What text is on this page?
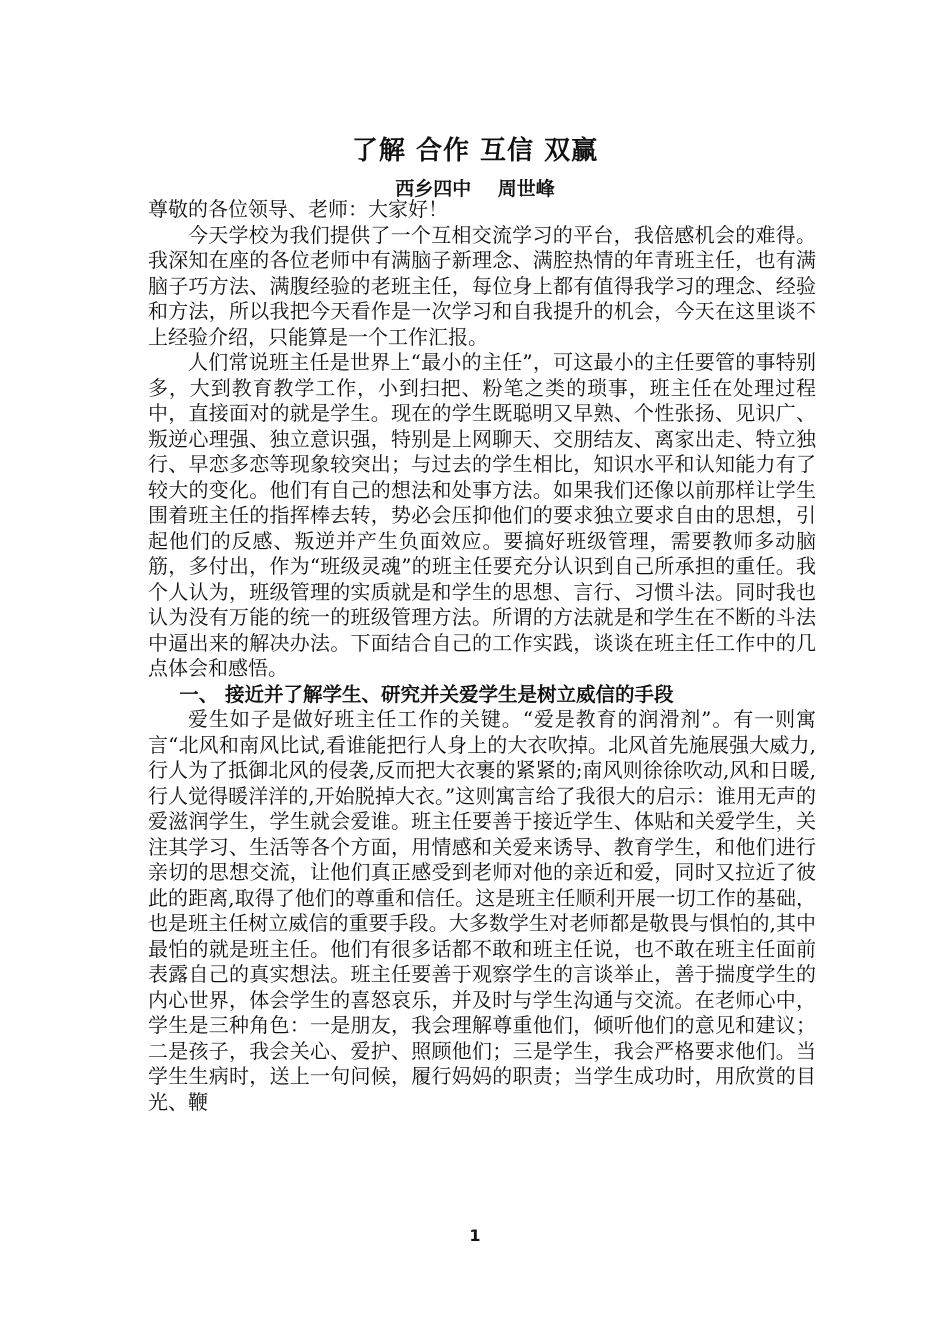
了解 合作 互信 双赢
西乡四中    周世峰

尊敬的各位领导、老师：大家好！

今天学校为我们提供了一个互相交流学习的平台，我倍感机会的难得。我深知在座的各位老师中有满脑子新理念、满腔热情的年青班主任，也有满脑子巧方法、满腹经验的老班主任，每位身上都有值得我学习的理念、经验和方法，所以我把今天看作是一次学习和自我提升的机会，今天在这里谈不上经验介绍，只能算是一个工作汇报。

人们常说班主任是世界上“最小的主任”，可这最小的主任要管的事特别多，大到教育教学工作，小到扫把、粉笔之类的琐事，班主任在处理过程中，直接面对的就是学生。现在的学生既聪明又早熟、个性张扬、见识广、叛逆心理强、独立意识强，特别是上网聊天、交朋结友、离家出走、特立独行、早恋多恋等现象较突出；与过去的学生相比，知识水平和认知能力有了较大的变化。他们有自己的想法和处事方法。如果我们还像以前那样让学生围着班主任的指挥棒去转，势必会压抑他们的要求独立要求自由的思想，引起他们的反感、叛逆并产生负面效应。要搞好班级管理，需要教师多动脑筋，多付出，作为“班级灵魂”的班主任要充分认识到自己所承担的重任。我个人认为，班级管理的实质就是和学生的思想、言行、习惯斗法。同时我也认为没有万能的统一的班级管理方法。所谓的方法就是和学生在不断的斗法中逼出来的解决办法。下面结合自己的工作实践，谈谈在班主任工作中的几点体会和感悟。

一、 接近并了解学生、研究并关爱学生是树立威信的手段

爱生如子是做好班主任工作的关键。“爱是教育的润滑剂”。有一则寓言“北风和南风比试,看谁能把行人身上的大衣吹掉。北风首先施展强大威力,行人为了抵御北风的侵袭,反而把大衣裹的紧紧的;南风则徐徐吹动,风和日暖,行人觉得暖洋洋的,开始脱掉大衣。”这则寓言给了我很大的启示：谁用无声的爱滋润学生，学生就会爱谁。班主任要善于接近学生、体贴和关爱学生，关注其学习、生活等各个方面，用情感和关爱来诱导、教育学生，和他们进行亲切的思想交流，让他们真正感受到老师对他的亲近和爱，同时又拉近了彼此的距离,取得了他们的尊重和信任。这是班主任顺利开展一切工作的基础，也是班主任树立威信的重要手段。大多数学生对老师都是敬畏与惧怕的,其中最怕的就是班主任。他们有很多话都不敢和班主任说，也不敢在班主任面前表露自己的真实想法。班主任要善于观察学生的言谈举止，善于揣度学生的内心世界，体会学生的喜怒哀乐，并及时与学生沟通与交流。在老师心中，学生是三种角色：一是朋友，我会理解尊重他们，倾听他们的意见和建议；二是孩子，我会关心、爱护、照顾他们；三是学生，我会严格要求他们。当学生生病时，送上一句问候，履行妈妈的职责；当学生成功时，用欣赏的目光、鞭

1
